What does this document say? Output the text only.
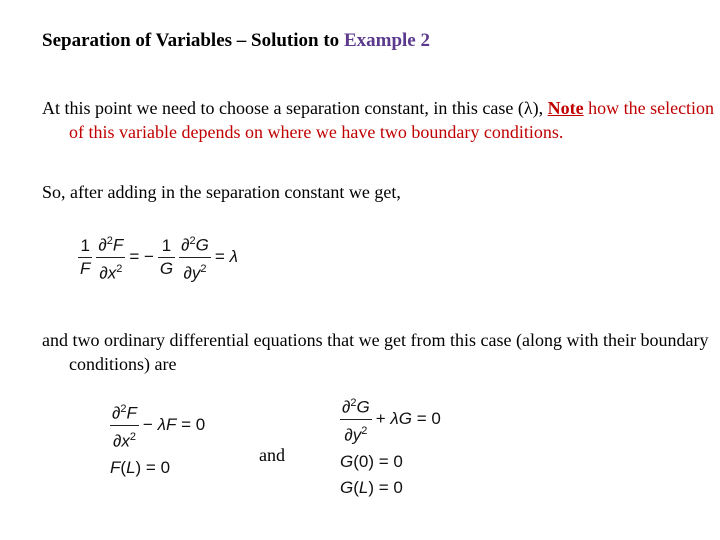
Separation of Variables – Solution to Example 2
At this point we need to choose a separation constant, in this case (λ), Note how the selection of this variable depends on where we have two boundary conditions.
So, after adding in the separation constant we get,
$\frac{1}{F} \frac{\partial^2F}{\partial x^2}$ = − $\frac{1}{G} \frac{\partial^2G}{\partial y^2} = \lambda$
and two ordinary differential equations that we get from this case (along with their boundary conditions) are
$\frac{\partial^2F}{\partial x^2} - \lambda F = 0$
F(L) = 0
and
$\frac{\partial^2G}{\partial y^2} + \lambda G = 0$
G(0) = 0
G(L) = 0
